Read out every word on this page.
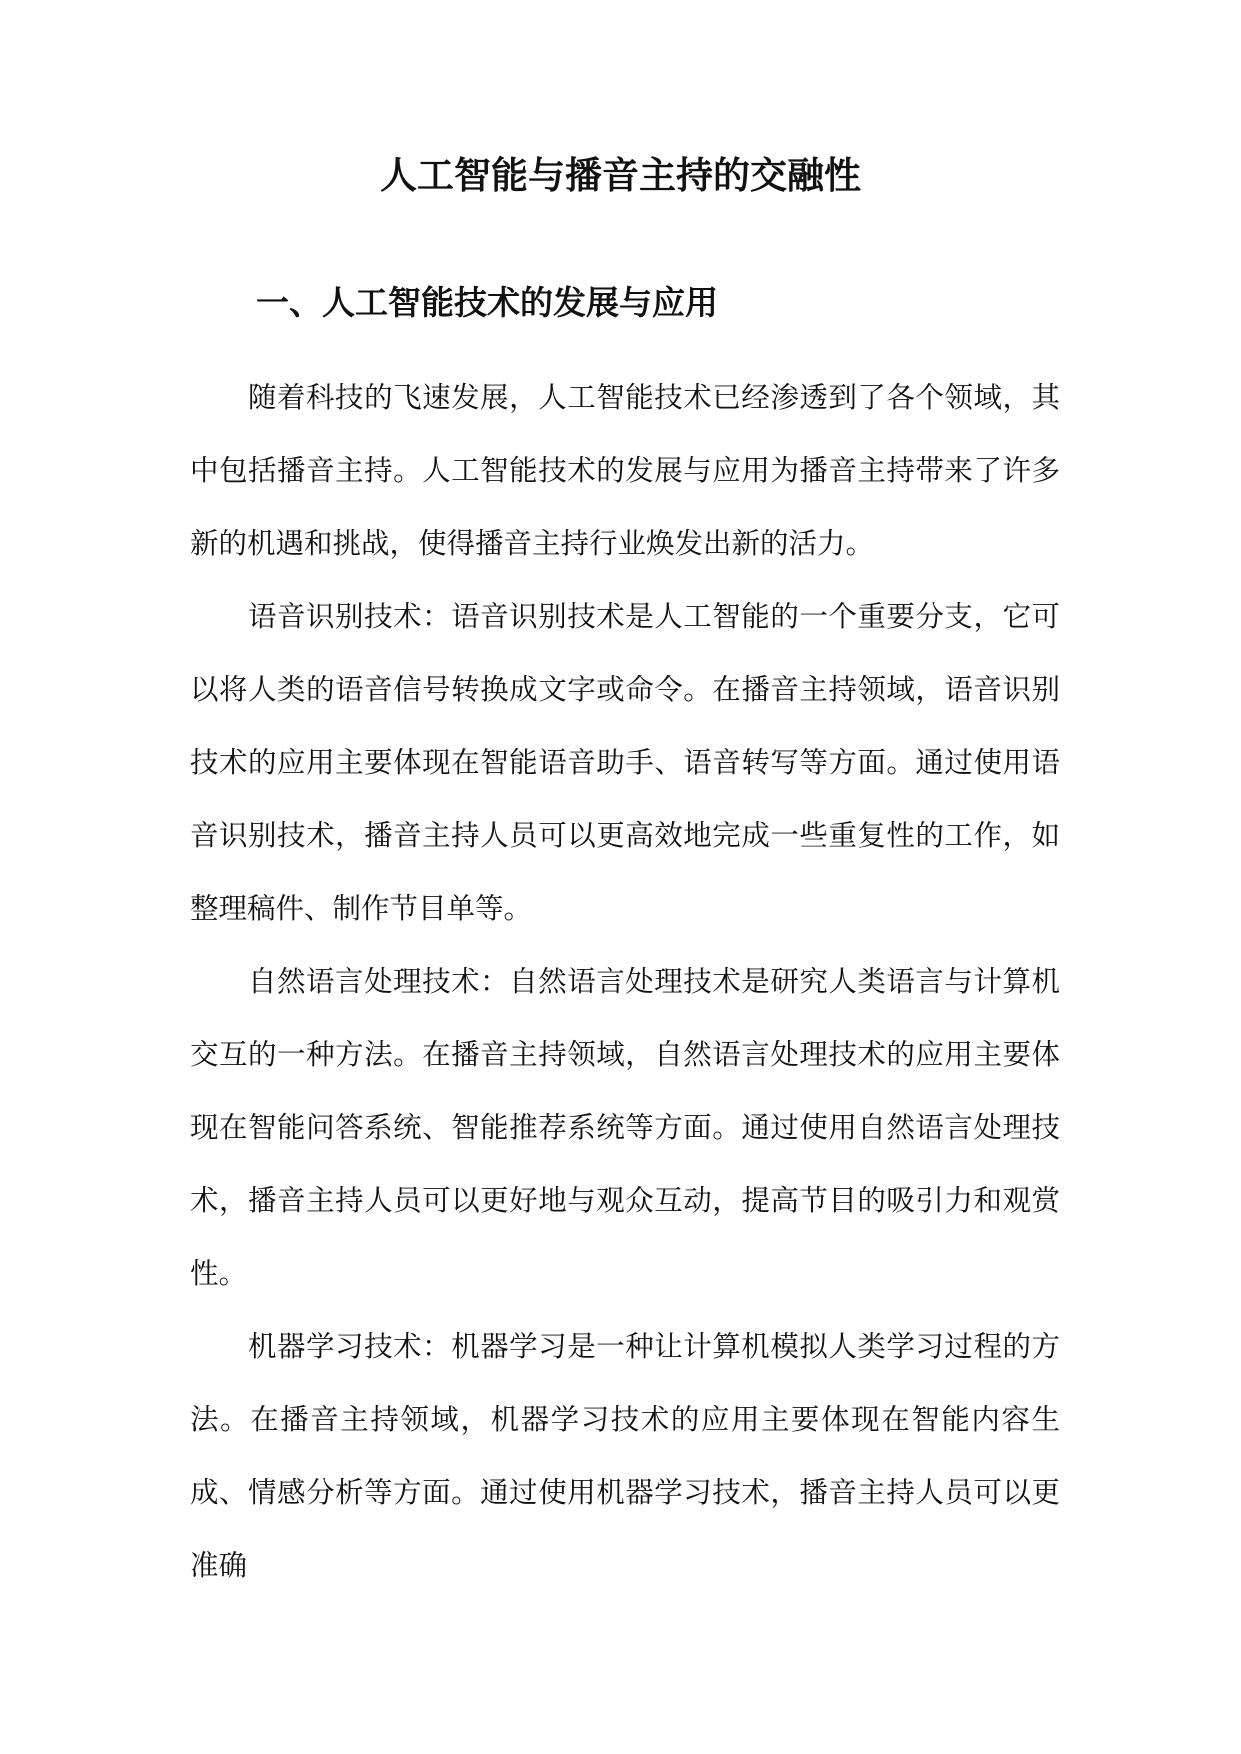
人工智能与播音主持的交融性
一、人工智能技术的发展与应用

随着科技的飞速发展，人工智能技术已经渗透到了各个领域，其中包括播音主持。人工智能技术的发展与应用为播音主持带来了许多新的机遇和挑战，使得播音主持行业焕发出新的活力。

语音识别技术：语音识别技术是人工智能的一个重要分支，它可以将人类的语音信号转换成文字或命令。在播音主持领域，语音识别技术的应用主要体现在智能语音助手、语音转写等方面。通过使用语音识别技术，播音主持人员可以更高效地完成一些重复性的工作，如整理稿件、制作节目单等。

自然语言处理技术：自然语言处理技术是研究人类语言与计算机交互的一种方法。在播音主持领域，自然语言处理技术的应用主要体现在智能问答系统、智能推荐系统等方面。通过使用自然语言处理技术，播音主持人员可以更好地与观众互动，提高节目的吸引力和观赏性。

机器学习技术：机器学习是一种让计算机模拟人类学习过程的方法。在播音主持领域，机器学习技术的应用主要体现在智能内容生成、情感分析等方面。通过使用机器学习技术，播音主持人员可以更准确
